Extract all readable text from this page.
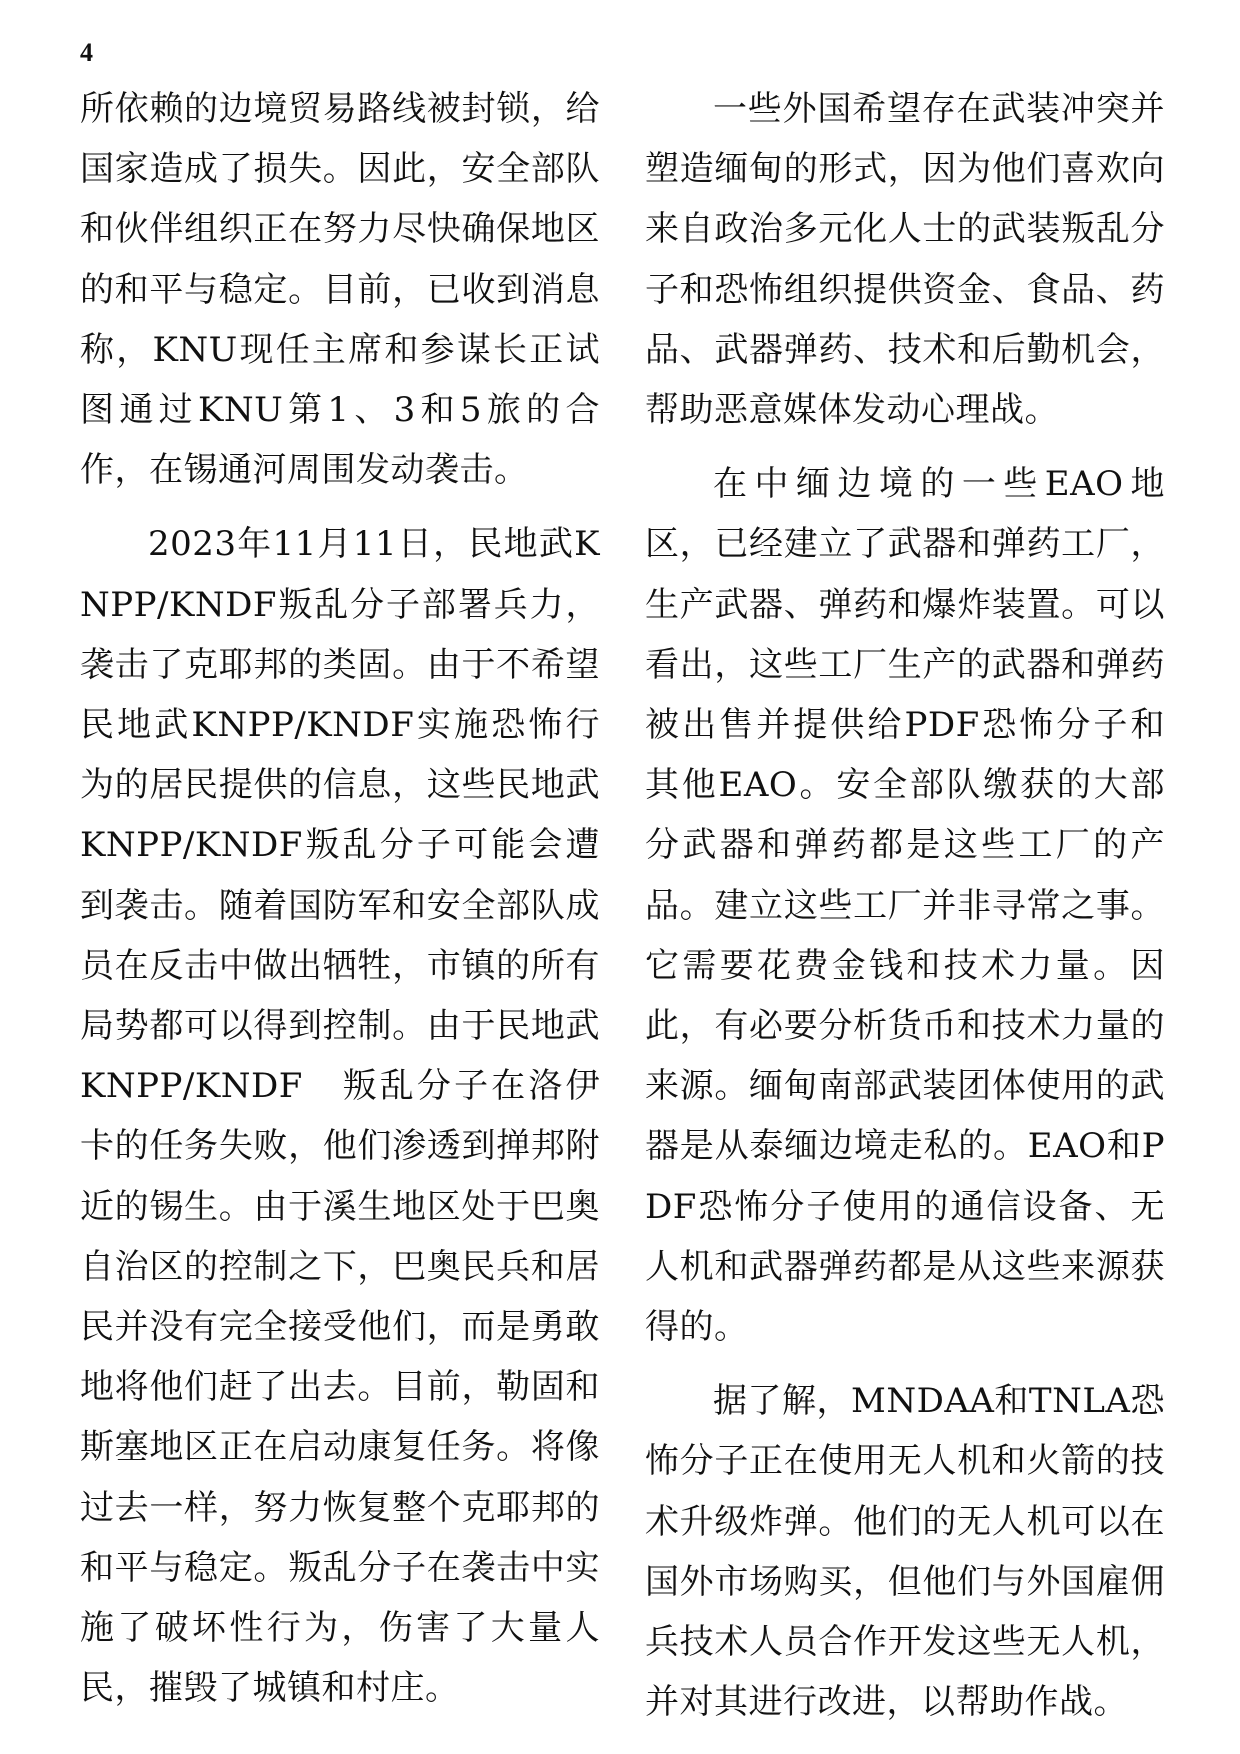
4

所依赖的边境贸易路线被封锁，给国家造成了损失。因此，安全部队和伙伴组织正在努力尽快确保地区的和平与稳定。目前，已收到消息称，KNU现任主席和参谋长正试图通过KNU第1、3和5旅的合作，在锡通河周围发动袭击。

2023年11月11日，民地武KNPP/KNDF叛乱分子部署兵力，袭击了克耶邦的类固。由于不希望民地武KNPP/KNDF实施恐怖行为的居民提供的信息，这些民地武KNPP/KNDF叛乱分子可能会遭到袭击。随着国防军和安全部队成员在反击中做出牺牲，市镇的所有局势都可以得到控制。由于民地武KNPP/KNDF　叛乱分子在洛伊卡的任务失败，他们渗透到掸邦附近的锡生。由于溪生地区处于巴奥自治区的控制之下，巴奥民兵和居民并没有完全接受他们，而是勇敢地将他们赶了出去。目前，勒固和斯塞地区正在启动康复任务。将像过去一样，努力恢复整个克耶邦的和平与稳定。叛乱分子在袭击中实施了破坏性行为，伤害了大量人民，摧毁了城镇和村庄。

一些外国希望存在武装冲突并塑造缅甸的形式，因为他们喜欢向来自政治多元化人士的武装叛乱分子和恐怖组织提供资金、食品、药品、武器弹药、技术和后勤机会，帮助恶意媒体发动心理战。

在中缅边境的一些EAO地区，已经建立了武器和弹药工厂，生产武器、弹药和爆炸装置。可以看出，这些工厂生产的武器和弹药被出售并提供给PDF恐怖分子和其他EAO。安全部队缴获的大部分武器和弹药都是这些工厂的产品。建立这些工厂并非寻常之事。它需要花费金钱和技术力量。因此，有必要分析货币和技术力量的来源。缅甸南部武装团体使用的武器是从泰缅边境走私的。EAO和PDF恐怖分子使用的通信设备、无人机和武器弹药都是从这些来源获得的。

据了解，MNDAA和TNLA恐怖分子正在使用无人机和火箭的技术升级炸弹。他们的无人机可以在国外市场购买，但他们与外国雇佣兵技术人员合作开发这些无人机，并对其进行改进，以帮助作战。
